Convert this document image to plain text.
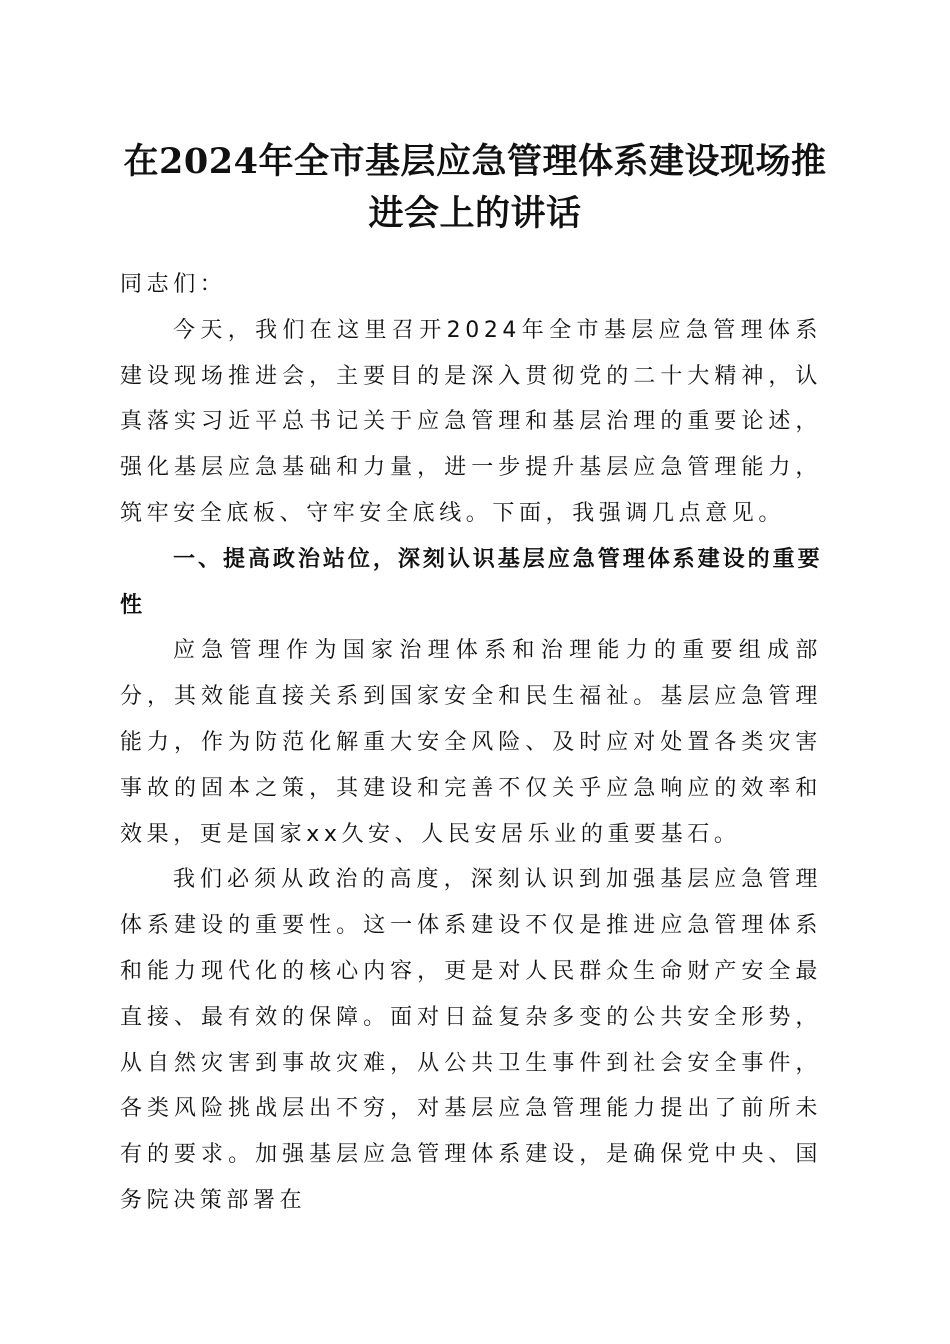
在2024年全市基层应急管理体系建设现场推进会上的讲话

同志们：

今天，我们在这里召开2024年全市基层应急管理体系建设现场推进会，主要目的是深入贯彻党的二十大精神，认真落实习近平总书记关于应急管理和基层治理的重要论述，强化基层应急基础和力量，进一步提升基层应急管理能力，筑牢安全底板、守牢安全底线。下面，我强调几点意见。

一、提高政治站位，深刻认识基层应急管理体系建设的重要性

应急管理作为国家治理体系和治理能力的重要组成部分，其效能直接关系到国家安全和民生福祉。基层应急管理能力，作为防范化解重大安全风险、及时应对处置各类灾害事故的固本之策，其建设和完善不仅关乎应急响应的效率和效果，更是国家xx久安、人民安居乐业的重要基石。

我们必须从政治的高度，深刻认识到加强基层应急管理体系建设的重要性。这一体系建设不仅是推进应急管理体系和能力现代化的核心内容，更是对人民群众生命财产安全最直接、最有效的保障。面对日益复杂多变的公共安全形势，从自然灾害到事故灾难，从公共卫生事件到社会安全事件，各类风险挑战层出不穷，对基层应急管理能力提出了前所未有的要求。加强基层应急管理体系建设，是确保党中央、国务院决策部署在
